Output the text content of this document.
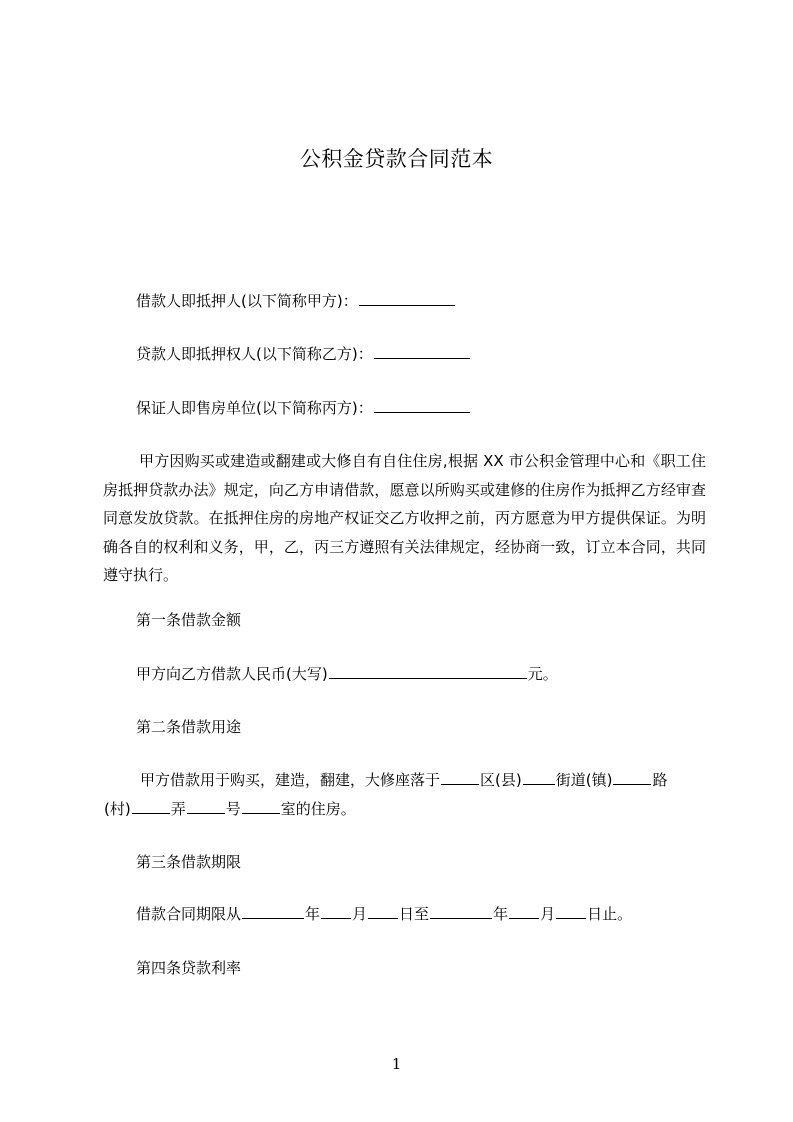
公积金贷款合同范本
借款人即抵押人(以下简称甲方)：
贷款人即抵押权人(以下简称乙方)：
保证人即售房单位(以下简称丙方)：
甲方因购买或建造或翻建或大修自有自住住房,根据 XX 市公积金管理中心和《职工住房抵押贷款办法》规定，向乙方申请借款，愿意以所购买或建修的住房作为抵押乙方经审查同意发放贷款。在抵押住房的房地产权证交乙方收押之前，丙方愿意为甲方提供保证。为明确各自的权利和义务，甲，乙，丙三方遵照有关法律规定，经协商一致，订立本合同，共同遵守执行。
第一条借款金额
甲方向乙方借款人民币(大写)	元。
第二条借款用途
甲方借款用于购买，建造，翻建，大修座落于	区(县) 街道(镇)	路
(村)	弄	号	室的住房。
第三条借款期限
借款合同期限从	年 月 日至	年 月 日止。
第四条贷款利率
1
